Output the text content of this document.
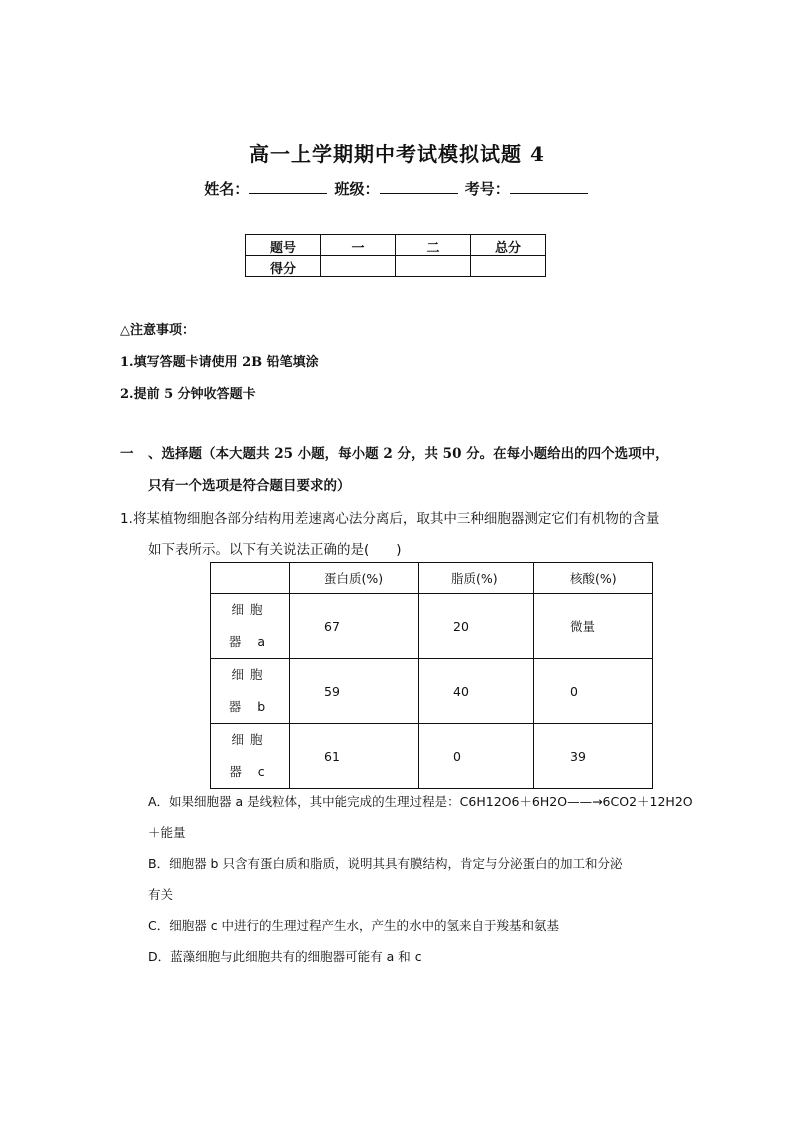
高一上学期期中考试模拟试题 4
姓名：	班级：	考号：
题号	一	二	总分
得分			
△注意事项：
1.填写答题卡请使用 2B 铅笔填涂
2.提前 5 分钟收答题卡
一 、选择题（本大题共 25 小题，每小题 2 分，共 50 分。在每小题给出的四个选项中，
只有一个选项是符合题目要求的）
1.将某植物细胞各部分结构用差速离心法分离后，取其中三种细胞器测定它们有机物的含量
如下表所示。以下有关说法正确的是(　　)
	蛋白质(%)	脂质(%)	核酸(%)

细胞
器 a	67	20	微量

细胞
器 b	59	40	0

细胞
器 c	61	0	39
A．如果细胞器 a 是线粒体，其中能完成的生理过程是：C6H12O6＋6H2O——→6CO2＋12H2O
＋能量
B．细胞器 b 只含有蛋白质和脂质，说明其具有膜结构，肯定与分泌蛋白的加工和分泌
有关
C．细胞器 c 中进行的生理过程产生水，产生的水中的氢来自于羧基和氨基
D．蓝藻细胞与此细胞共有的细胞器可能有 a 和 c
